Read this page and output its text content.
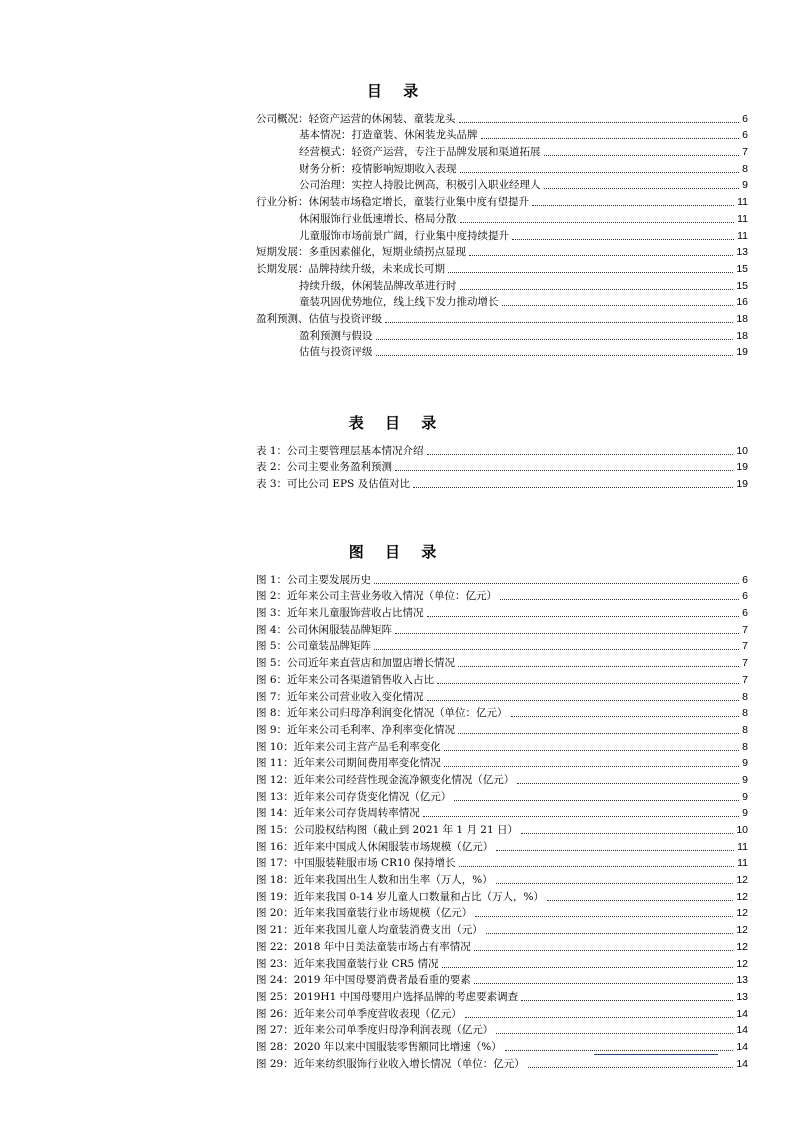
目 录
公司概况：轻资产运营的休闲装、童装龙头	6
基本情况：打造童装、休闲装龙头品牌	6
经营模式：轻资产运营，专注于品牌发展和渠道拓展	7
财务分析：疫情影响短期收入表现	8
公司治理：实控人持股比例高，积极引入职业经理人	9
行业分析：休闲装市场稳定增长，童装行业集中度有望提升	11
休闲服饰行业低速增长、格局分散	11
儿童服饰市场前景广阔，行业集中度持续提升	11
短期发展：多重因素催化，短期业绩拐点显现	13
长期发展：品牌持续升级，未来成长可期	15
持续升级，休闲装品牌改革进行时	15
童装巩固优势地位，线上线下发力推动增长	16
盈利预测、估值与投资评级	18
盈利预测与假设	18
估值与投资评级	19
表 目 录
表 1：公司主要管理层基本情况介绍	10
表 2：公司主要业务盈利预测	19
表 3：可比公司 EPS 及估值对比	19
图 目 录
图 1：公司主要发展历史	6
图 2：近年来公司主营业务收入情况（单位：亿元）	6
图 3：近年来儿童服饰营收占比情况	6
图 4：公司休闲服装品牌矩阵	7
图 5：公司童装品牌矩阵	7
图 5：公司近年来直营店和加盟店增长情况	7
图 6：近年来公司各渠道销售收入占比	7
图 7：近年来公司营业收入变化情况	8
图 8：近年来公司归母净利润变化情况（单位：亿元）	8
图 9：近年来公司毛利率、净利率变化情况	8
图 10：近年来公司主营产品毛利率变化	8
图 11：近年来公司期间费用率变化情况	9
图 12：近年来公司经营性现金流净额变化情况（亿元）	9
图 13：近年来公司存货变化情况（亿元）	9
图 14：近年来公司存货周转率情况	9
图 15：公司股权结构图（截止到 2021 年 1 月 21 日）	10
图 16：近年来中国成人休闲服装市场规模（亿元）	11
图 17：中国服装鞋服市场 CR10 保持增长	11
图 18：近年来我国出生人数和出生率（万人，%）	12
图 19：近年来我国 0-14 岁儿童人口数量和占比（万人，%）	12
图 20：近年来我国童装行业市场规模（亿元）	12
图 21：近年来我国儿童人均童装消费支出（元）	12
图 22：2018 年中日美法童装市场占有率情况	12
图 23：近年来我国童装行业 CR5 情况	12
图 24：2019 年中国母婴消费者最看重的要素	13
图 25：2019H1 中国母婴用户选择品牌的考虑要素调查	13
图 26：近年来公司单季度营收表现（亿元）	14
图 27：近年来公司单季度归母净利润表现（亿元）	14
图 28：2020 年以来中国服装零售额同比增速（%）	14
图 29：近年来纺织服饰行业收入增长情况（单位：亿元）	14
